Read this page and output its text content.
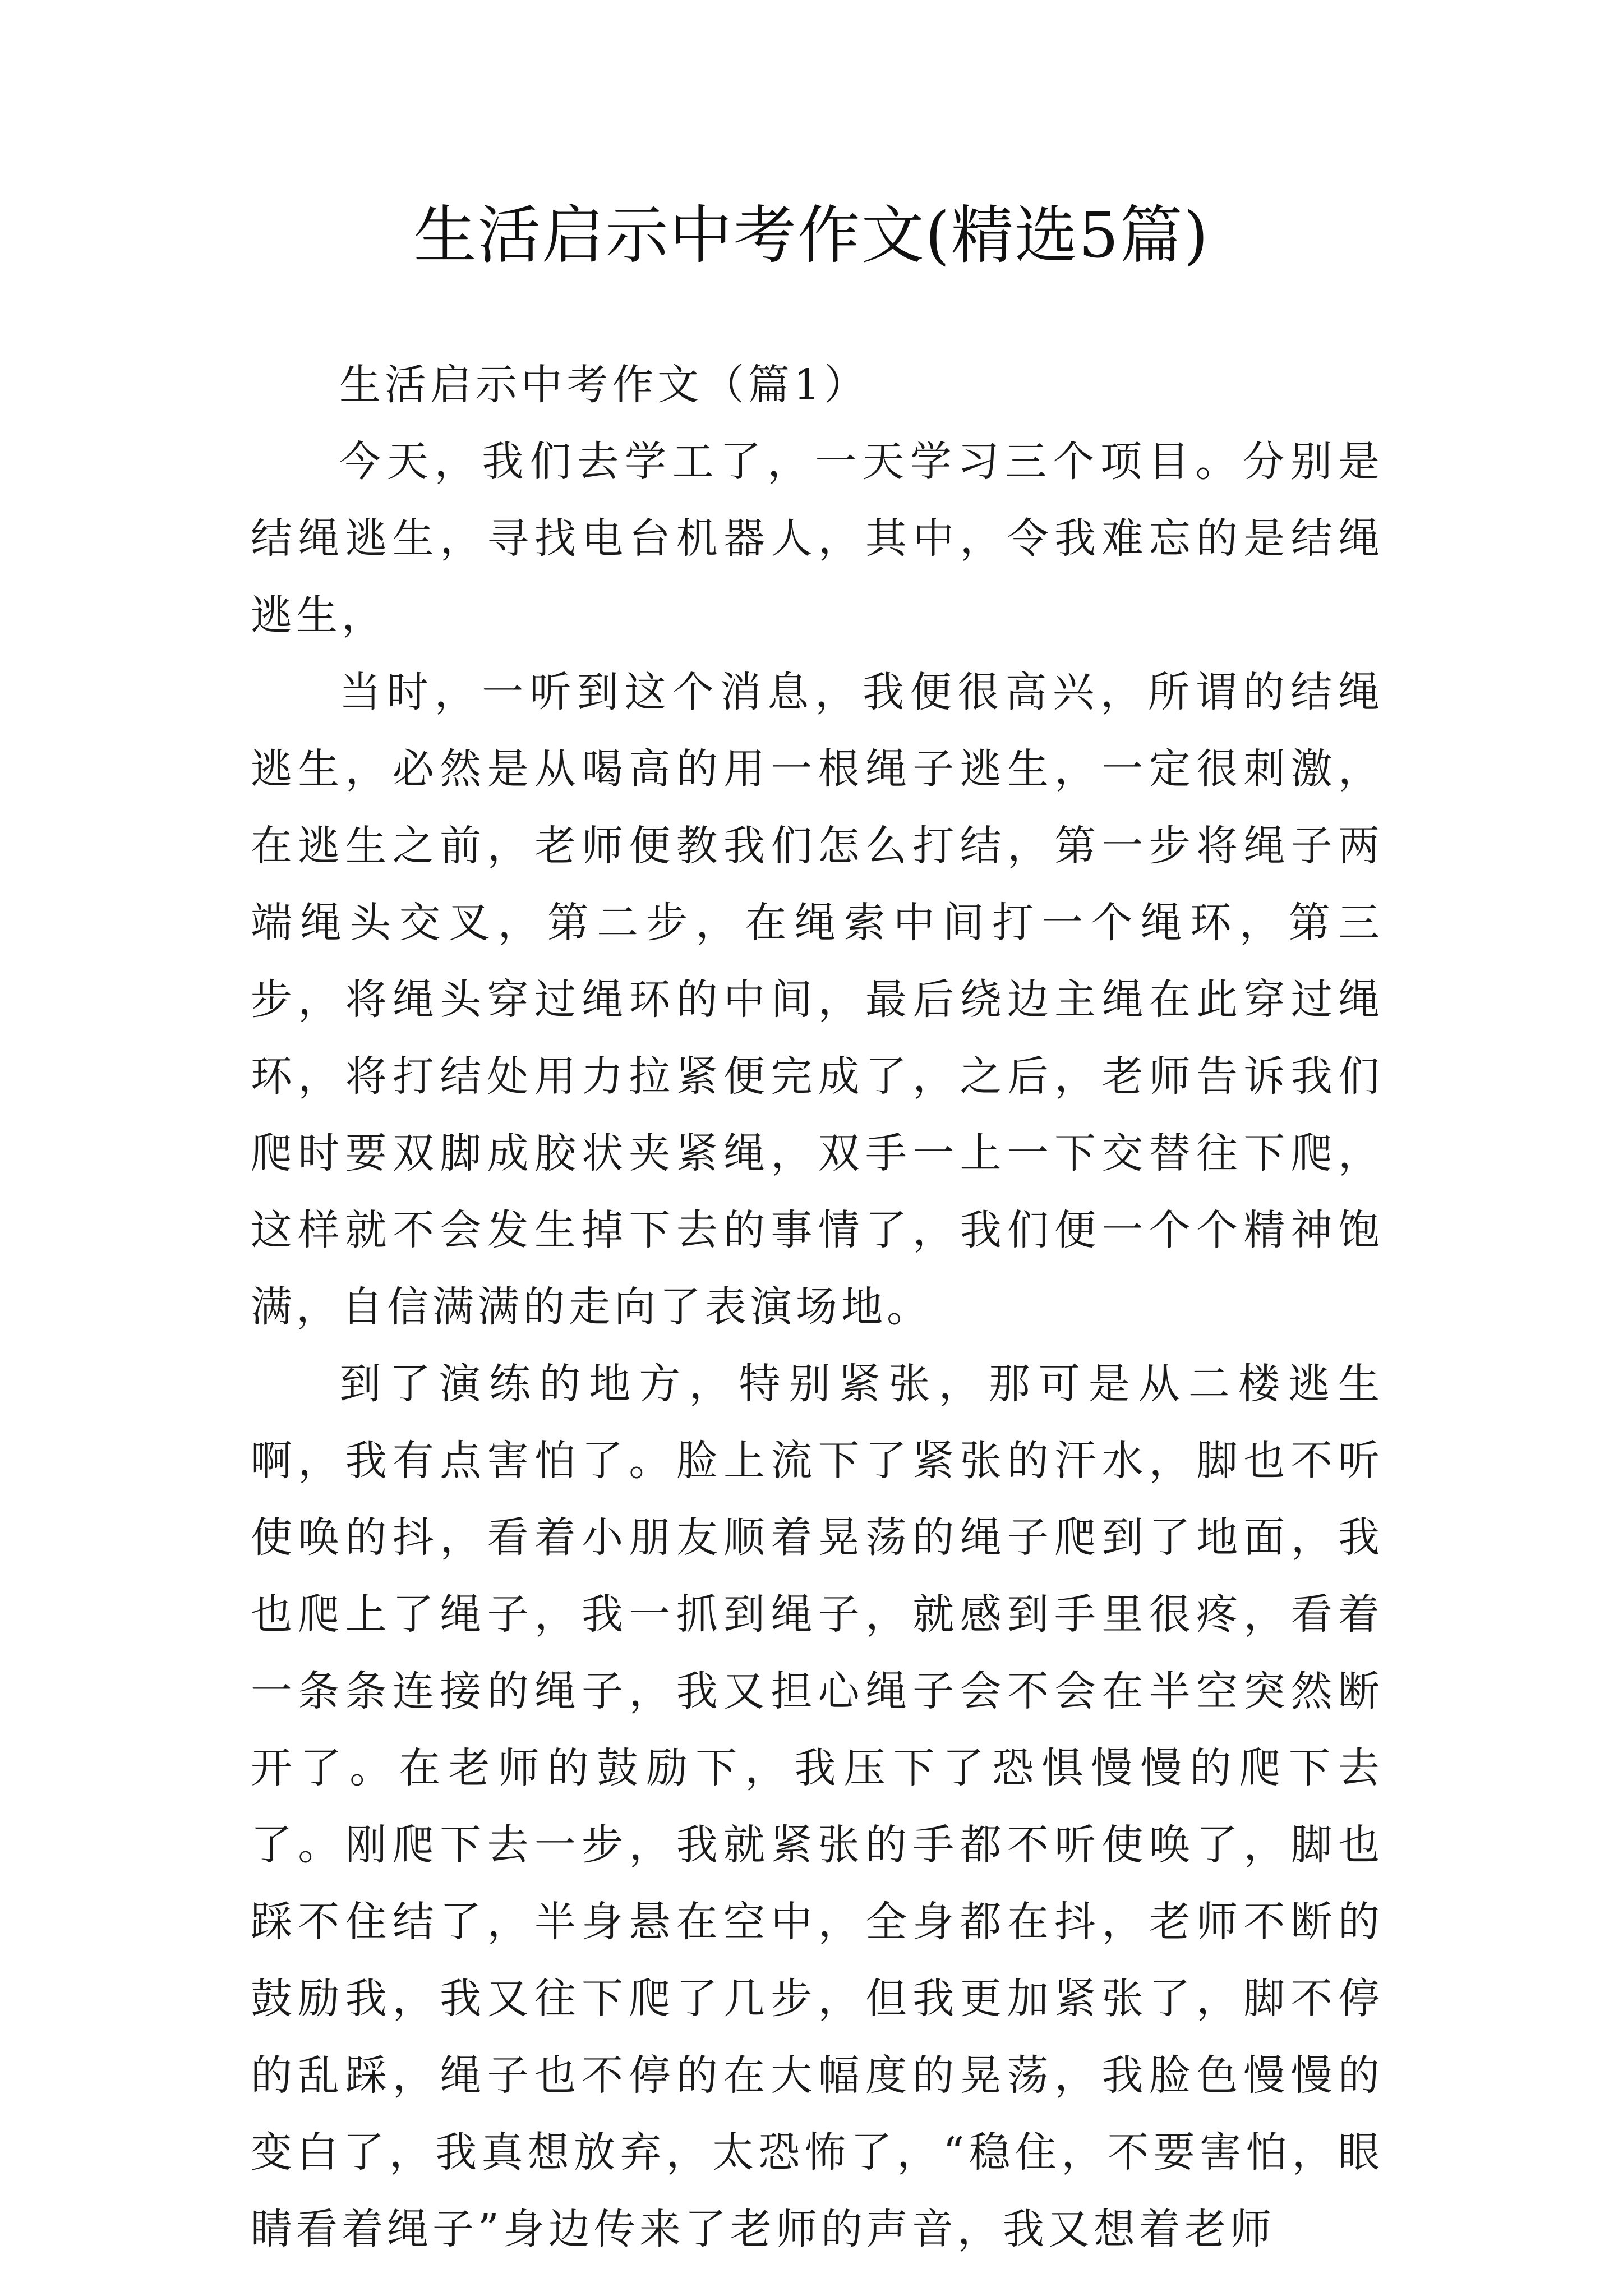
生活启示中考作文(精选5篇)

生活启示中考作文（篇1）

今天，我们去学工了，一天学习三个项目。分别是结绳逃生，寻找电台机器人，其中，令我难忘的是结绳逃生，

当时，一听到这个消息，我便很高兴，所谓的结绳逃生，必然是从喝高的用一根绳子逃生，一定很刺激，在逃生之前，老师便教我们怎么打结，第一步将绳子两端绳头交叉，第二步，在绳索中间打一个绳环，第三步，将绳头穿过绳环的中间，最后绕边主绳在此穿过绳环，将打结处用力拉紧便完成了，之后，老师告诉我们爬时要双脚成胶状夹紧绳，双手一上一下交替往下爬，这样就不会发生掉下去的事情了，我们便一个个精神饱满，自信满满的走向了表演场地。

到了演练的地方，特别紧张，那可是从二楼逃生啊，我有点害怕了。脸上流下了紧张的汗水，脚也不听使唤的抖，看着小朋友顺着晃荡的绳子爬到了地面，我也爬上了绳子，我一抓到绳子，就感到手里很疼，看着一条条连接的绳子，我又担心绳子会不会在半空突然断开了。在老师的鼓励下，我压下了恐惧慢慢的爬下去了。刚爬下去一步，我就紧张的手都不听使唤了，脚也踩不住结了，半身悬在空中，全身都在抖，老师不断的鼓励我，我又往下爬了几步，但我更加紧张了，脚不停的乱踩，绳子也不停的在大幅度的晃荡，我脸色慢慢的变白了，我真想放弃，太恐怖了，“稳住，不要害怕，眼睛看着绳子”身边传来了老师的声音，我又想着老师
